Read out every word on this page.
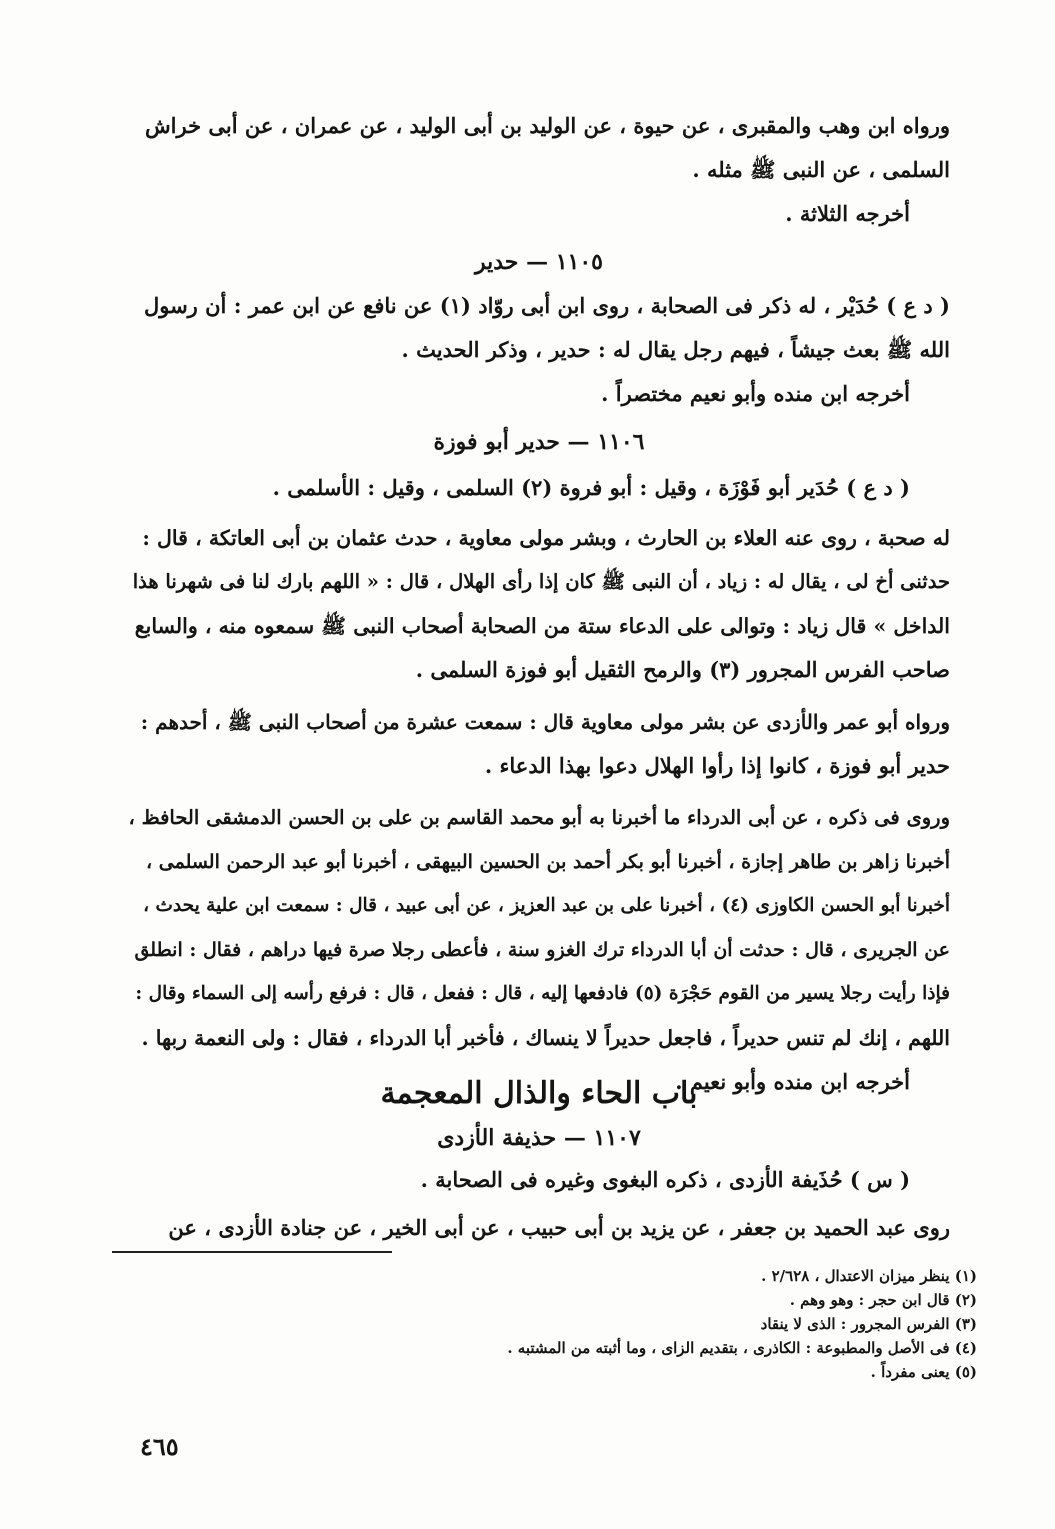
ورواه ابن وهب والمقبرى ، عن حيوة ، عن الوليد بن أبى الوليد ، عن عمران ، عن أبى خراش
السلمى ، عن النبى ﷺ مثله .
أخرجه الثلاثة .
١١٠٥ — حدير
( د ع ) حُدَيْر ، له ذكر فى الصحابة ، روى ابن أبى روّاد (١) عن نافع عن ابن عمر : أن رسول
الله ﷺ بعث جيشاً ، فيهم رجل يقال له : حدير ، وذكر الحديث .
أخرجه ابن منده وأبو نعيم مختصراً .
١١٠٦ — حدير أبو فوزة
( د ع ) حُدَير أبو فَوْزَة ، وقيل : أبو فروة (٢) السلمى ، وقيل : الأسلمى .
له صحبة ، روى عنه العلاء بن الحارث ، وبشر مولى معاوية ، حدث عثمان بن أبى العاتكة ، قال :
حدثنى أخ لى ، يقال له : زياد ، أن النبى ﷺ كان إذا رأى الهلال ، قال : « اللهم بارك لنا فى شهرنا هذا
الداخل » قال زياد : وتوالى على الدعاء ستة من الصحابة أصحاب النبى ﷺ سمعوه منه ، والسابع
صاحب الفرس المجرور (٣) والرمح الثقيل أبو فوزة السلمى .
ورواه أبو عمر والأزدى عن بشر مولى معاوية قال : سمعت عشرة من أصحاب النبى ﷺ ، أحدهم :
حدير أبو فوزة ، كانوا إذا رأوا الهلال دعوا بهذا الدعاء .
وروى فى ذكره ، عن أبى الدرداء ما أخبرنا به أبو محمد القاسم بن على بن الحسن الدمشقى الحافظ ،
أخبرنا زاهر بن طاهر إجازة ، أخبرنا أبو بكر أحمد بن الحسين البيهقى ، أخبرنا أبو عبد الرحمن السلمى ،
أخبرنا أبو الحسن الكاوزى (٤) ، أخبرنا على بن عبد العزيز ، عن أبى عبيد ، قال : سمعت ابن علية يحدث ،
عن الجريرى ، قال : حدثت أن أبا الدرداء ترك الغزو سنة ، فأعطى رجلا صرة فيها دراهم ، فقال : انطلق
فإذا رأيت رجلا يسير من القوم حَجْرَة (٥) فادفعها إليه ، قال : ففعل ، قال : فرفع رأسه إلى السماء وقال :
اللهم ، إنك لم تنس حديراً ، فاجعل حديراً لا ينساك ، فأخبر أبا الدرداء ، فقال : ولى النعمة ربها .
أخرجه ابن منده وأبو نعيم .
باب الحاء والذال المعجمة
١١٠٧ — حذيفة الأزدى
( س ) حُذَيفة الأزدى ، ذكره البغوى وغيره فى الصحابة .
روى عبد الحميد بن جعفر ، عن يزيد بن أبى حبيب ، عن أبى الخير ، عن جنادة الأزدى ، عن
(١) ينظر ميزان الاعتدال ، ٢/٦٢٨ .
(٢) قال ابن حجر : وهو وهم .
(٣) الفرس المجرور : الذى لا ينقاد
(٤) فى الأصل والمطبوعة : الكاذرى ، بتقديم الزاى ، وما أثبته من المشتبه .
(٥) يعنى مفرداً .
٤٦٥
